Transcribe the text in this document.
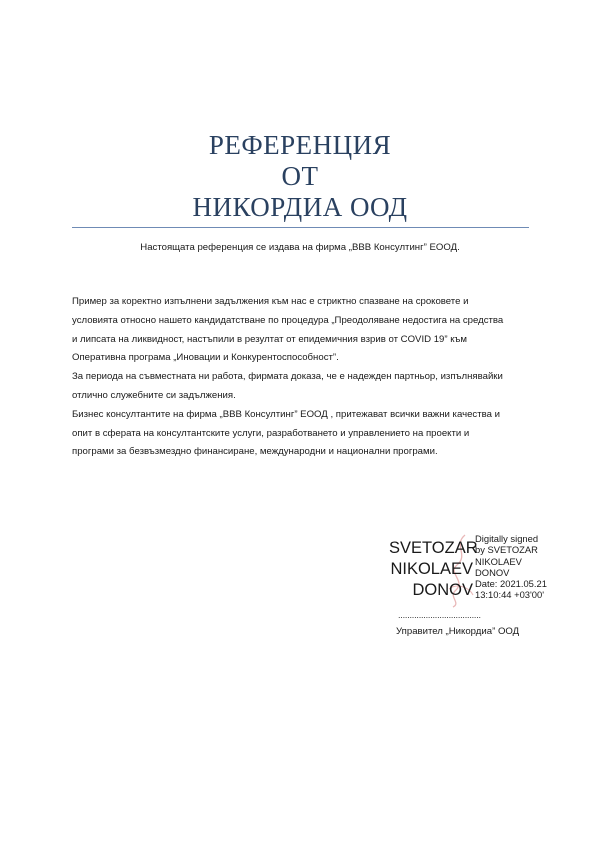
РЕФЕРЕНЦИЯ
ОТ
НИКОРДИА ООД
Настоящата референция се издава на фирма „ВВВ Консултинг” ЕООД.

Пример за коректно изпълнени задължения към нас е стриктно спазване на сроковете и
условията относно нашето кандидатстване по процедура „Преодоляване недостига на средства
и липсата на ликвидност, настъпили в резултат от епидемичния взрив от COVID 19” към
Оперативна програма „Иновации и Конкурентоспособност”.

За периода на съвместната ни работа, фирмата доказа, че е надежден партньор, изпълнявайки
отлично служебните си задължения.

Бизнес консултантите на фирма „ВВВ Консултинг” ЕООД , притежават всички важни качества и
опит в сферата на консултантските услуги, разработването и управлението на проекти и
програми за безвъзмездно финансиране, международни и национални програми.

SVETOZAR
NIKOLAEV
DONOV
Digitally signed
by SVETOZAR
NIKOLAEV
DONOV
Date: 2021.05.21
13:10:44 +03'00'
....................................
Управител „Никордиа” ООД
